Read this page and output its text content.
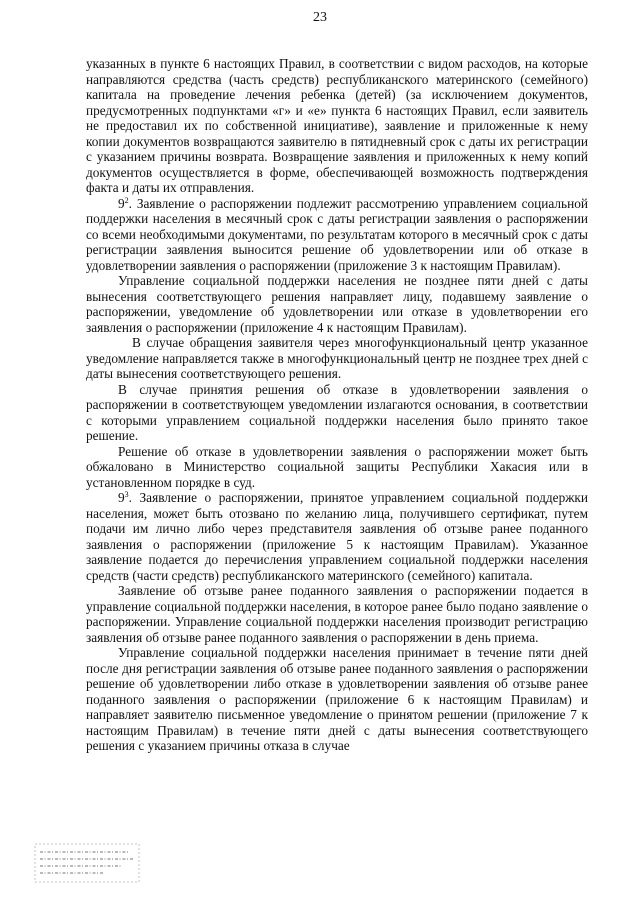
23

указанных в пункте 6 настоящих Правил, в соответствии с видом расходов, на которые направляются средства (часть средств) республиканского материнского (семейного) капитала на проведение лечения ребенка (детей) (за исключением документов, предусмотренных подпунктами «г» и «е» пункта 6 настоящих Правил, если заявитель не предоставил их по собственной инициативе), заявление и приложенные к нему копии документов возвращаются заявителю в пятидневный срок с даты их регистрации с указанием причины возврата. Возвращение заявления и приложенных к нему копий документов осуществляется в форме, обеспечивающей возможность подтверждения факта и даты их отправления.

$9^2$. Заявление о распоряжении подлежит рассмотрению управлением социальной поддержки населения в месячный срок с даты регистрации заявления о распоряжении со всеми необходимыми документами, по результатам которого в месячный срок с даты регистрации заявления выносится решение об удовлетворении или об отказе в удовлетворении заявления о распоряжении (приложение 3 к настоящим Правилам).

Управление социальной поддержки населения не позднее пяти дней с даты вынесения соответствующего решения направляет лицу, подавшему заявление о распоряжении, уведомление об удовлетворении или отказе в удовлетворении его заявления о распоряжении (приложение 4 к настоящим Правилам).

В случае обращения заявителя через многофункциональный центр указанное уведомление направляется также в многофункциональный центр не позднее трех дней с даты вынесения соответствующего решения.

В случае принятия решения об отказе в удовлетворении заявления о распоряжении в соответствующем уведомлении излагаются основания, в соответствии с которыми управлением социальной поддержки населения было принято такое решение.

Решение об отказе в удовлетворении заявления о распоряжении может быть обжаловано в Министерство социальной защиты Республики Хакасия или в установленном порядке в суд.

$9^3$. Заявление о распоряжении, принятое управлением социальной поддержки населения, может быть отозвано по желанию лица, получившего сертификат, путем подачи им лично либо через представителя заявления об отзыве ранее поданного заявления о распоряжении (приложение 5 к настоящим Правилам). Указанное заявление подается до перечисления управлением социальной поддержки населения средств (части средств) республиканского материнского (семейного) капитала.

Заявление об отзыве ранее поданного заявления о распоряжении подается в управление социальной поддержки населения, в которое ранее было подано заявление о распоряжении. Управление социальной поддержки населения производит регистрацию заявления об отзыве ранее поданного заявления о распоряжении в день приема.

Управление социальной поддержки населения принимает в течение пяти дней после дня регистрации заявления об отзыве ранее поданного заявления о распоряжении решение об удовлетворении либо отказе в удовлетворении заявления об отзыве ранее поданного заявления о распоряжении (приложение 6 к настоящим Правилам) и направляет заявителю письменное уведомление о принятом решении (приложение 7 к настоящим Правилам) в течение пяти дней с даты вынесения соответствующего решения с указанием причины отказа в случае
